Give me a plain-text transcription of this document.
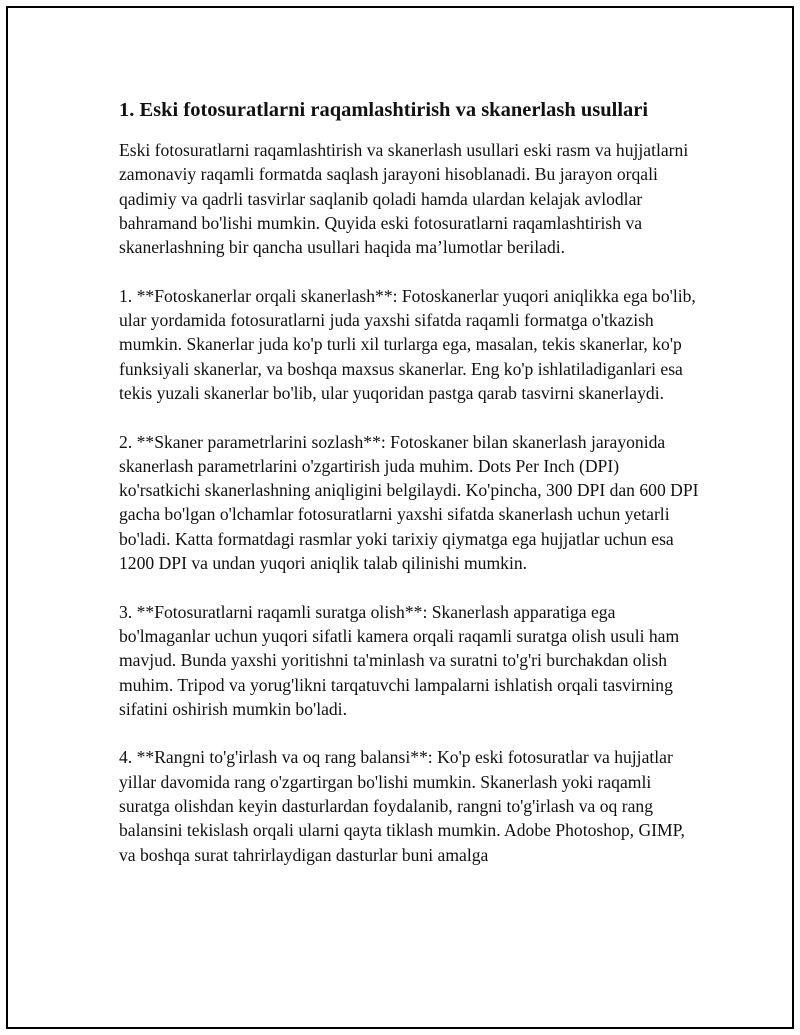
1. Eski fotosuratlarni raqamlashtirish va skanerlash usullari

Eski fotosuratlarni raqamlashtirish va skanerlash usullari eski rasm va hujjatlarni zamonaviy raqamli formatda saqlash jarayoni hisoblanadi. Bu jarayon orqali qadimiy va qadrli tasvirlar saqlanib qoladi hamda ulardan kelajak avlodlar bahramand bo'lishi mumkin. Quyida eski fotosuratlarni raqamlashtirish va skanerlashning bir qancha usullari haqida ma’lumotlar beriladi.

1. **Fotoskanerlar orqali skanerlash**: Fotoskanerlar yuqori aniqlikka ega bo'lib, ular yordamida fotosuratlarni juda yaxshi sifatda raqamli formatga o'tkazish mumkin. Skanerlar juda ko'p turli xil turlarga ega, masalan, tekis skanerlar, ko'p funksiyali skanerlar, va boshqa maxsus skanerlar. Eng ko'p ishlatiladiganlari esa tekis yuzali skanerlar bo'lib, ular yuqoridan pastga qarab tasvirni skanerlaydi.

2. **Skaner parametrlarini sozlash**: Fotoskaner bilan skanerlash jarayonida skanerlash parametrlarini o'zgartirish juda muhim. Dots Per Inch (DPI) ko'rsatkichi skanerlashning aniqligini belgilaydi. Ko'pincha, 300 DPI dan 600 DPI gacha bo'lgan o'lchamlar fotosuratlarni yaxshi sifatda skanerlash uchun yetarli bo'ladi. Katta formatdagi rasmlar yoki tarixiy qiymatga ega hujjatlar uchun esa 1200 DPI va undan yuqori aniqlik talab qilinishi mumkin.

3. **Fotosuratlarni raqamli suratga olish**: Skanerlash apparatiga ega bo'lmaganlar uchun yuqori sifatli kamera orqali raqamli suratga olish usuli ham mavjud. Bunda yaxshi yoritishni ta'minlash va suratni to'g'ri burchakdan olish muhim. Tripod va yorug'likni tarqatuvchi lampalarni ishlatish orqali tasvirning sifatini oshirish mumkin bo'ladi.

4. **Rangni to'g'irlash va oq rang balansi**: Ko'p eski fotosuratlar va hujjatlar yillar davomida rang o'zgartirgan bo'lishi mumkin. Skanerlash yoki raqamli suratga olishdan keyin dasturlardan foydalanib, rangni to'g'irlash va oq rang balansini tekislash orqali ularni qayta tiklash mumkin. Adobe Photoshop, GIMP, va boshqa surat tahrirlaydigan dasturlar buni amalga
